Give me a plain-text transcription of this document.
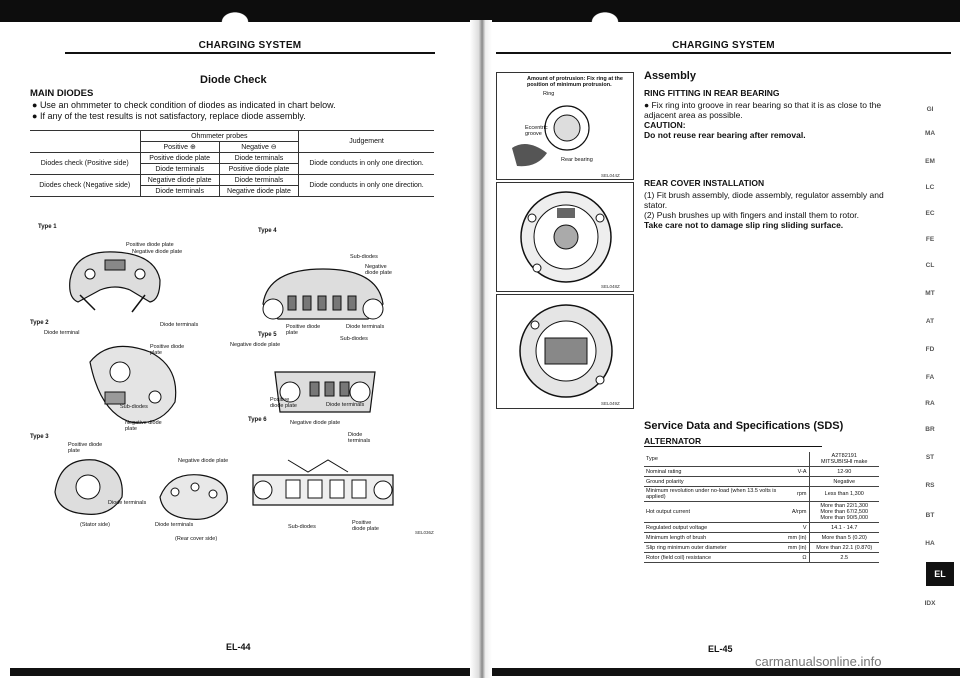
CHARGING SYSTEM
Diode Check
MAIN DIODES
● Use an ohmmeter to check condition of diodes as indicated in chart below.
● If any of the test results is not satisfactory, replace diode assembly.
	Ohmmeter probes		Judgement
	Positive ⊕	Negative ⊖	
Diodes check (Positive side)	Positive diode plate	Diode terminals	Diode conducts in only one direction.
	Diode terminals	Positive diode plate	
Diodes check (Negative side)	Negative diode plate	Diode terminals	Diode conducts in only one direction.
	Diode terminals	Negative diode plate	
Type 1
Type 2
Type 3
Type 4
Type 5
Type 6
Positive diode plate
Negative diode plate
Diode terminals
Diode terminal
Positive diode plate
Sub-diodes
Negative diode plate
Positive diode plate
Negative diode plate
Diode terminals
Diode terminals
(Stator side)
(Rear cover side)
Sub-diodes
Negative diode plate
Positive diode plate
Diode terminals
Negative diode plate
Sub-diodes
Positive diode plate	Diode terminals
Negative diode plate
Diode terminals
Sub-diodes
Positive diode plate
SEL036Z
EL-44
CHARGING SYSTEM
Amount of protrusion: Fix ring at the position of minimum protrusion.
Ring
Eccentric groove
Rear bearing
SEL044Z
SEL048Z
SEL049Z
Assembly
RING FITTING IN REAR BEARING
● Fix ring into groove in rear bearing so that it is as close to the adjacent area as possible.
CAUTION:
Do not reuse rear bearing after removal.
REAR COVER INSTALLATION
(1) Fit brush assembly, diode assembly, regulator assembly and stator.
(2) Push brushes up with fingers and install them to rotor.
Take care not to damage slip ring sliding surface.
Service Data and Specifications (SDS)
ALTERNATOR
Type		A2T82191
MITSUBISHI make

Nominal rating	V-A	12-90
Ground polarity		Negative
Minimum revolution under no-load (when 13.5 volts is applied)	rpm	Less than 1,300
Hot output current	A/rpm	More than 22/1,300
More than 67/2,500
More than 90/5,000

Regulated output voltage	V	14.1 - 14.7
Minimum length of brush	mm (in)	More than 5 (0.20)
Slip ring minimum outer diameter	mm (in)	More than 22.1 (0.870)
Rotor (field coil) resistance	Ω	2.5
EL-45
GI
MA
EM
LC
EC
FE
CL
MT
AT
FD
FA
RA
BR
ST
RS
BT
HA
EL
IDX
carmanualsonline.info
